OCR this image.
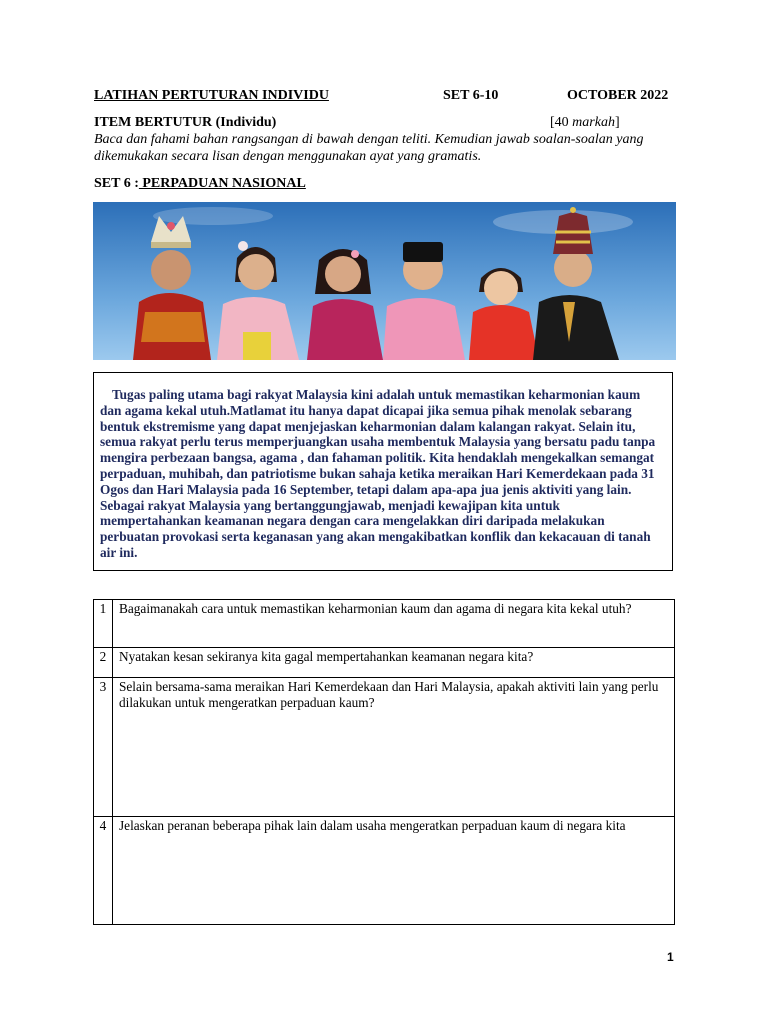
LATIHAN PERTUTURAN INDIVIDU	SET 6-10	OCTOBER 2022
ITEM BERTUTUR (Individu)	[40 markah]
Baca dan fahami bahan rangsangan di bawah dengan teliti. Kemudian jawab soalan-soalan yang dikemukakan secara lisan dengan menggunakan ayat yang gramatis.
SET 6 : PERPADUAN NASIONAL

Tugas paling utama bagi rakyat Malaysia kini adalah untuk memastikan keharmonian kaum dan agama kekal utuh.Matlamat itu hanya dapat dicapai jika semua pihak menolak sebarang bentuk ekstremisme yang dapat menjejaskan keharmonian dalam kalangan rakyat. Selain itu, semua rakyat perlu terus memperjuangkan usaha membentuk Malaysia yang bersatu padu tanpa mengira perbezaan bangsa, agama , dan fahaman politik. Kita hendaklah mengekalkan semangat perpaduan, muhibah, dan patriotisme bukan sahaja ketika meraikan Hari Kemerdekaan pada 31 Ogos dan Hari Malaysia pada 16 September, tetapi dalam apa-apa jua jenis aktiviti yang lain. Sebagai rakyat Malaysia yang bertanggungjawab, menjadi kewajipan kita untuk mempertahankan keamanan negara dengan cara mengelakkan diri daripada melakukan perbuatan provokasi serta keganasan yang akan mengakibatkan konflik dan kekacauan di tanah air ini.

1	Bagaimanakah cara untuk memastikan keharmonian kaum dan agama di negara kita kekal utuh?
2	Nyatakan kesan sekiranya kita gagal mempertahankan keamanan negara kita?
3	Selain bersama-sama meraikan Hari Kemerdekaan dan Hari Malaysia, apakah aktiviti lain yang perlu dilakukan untuk mengeratkan perpaduan kaum?
4	Jelaskan peranan beberapa pihak lain dalam usaha mengeratkan perpaduan kaum di negara kita
1
